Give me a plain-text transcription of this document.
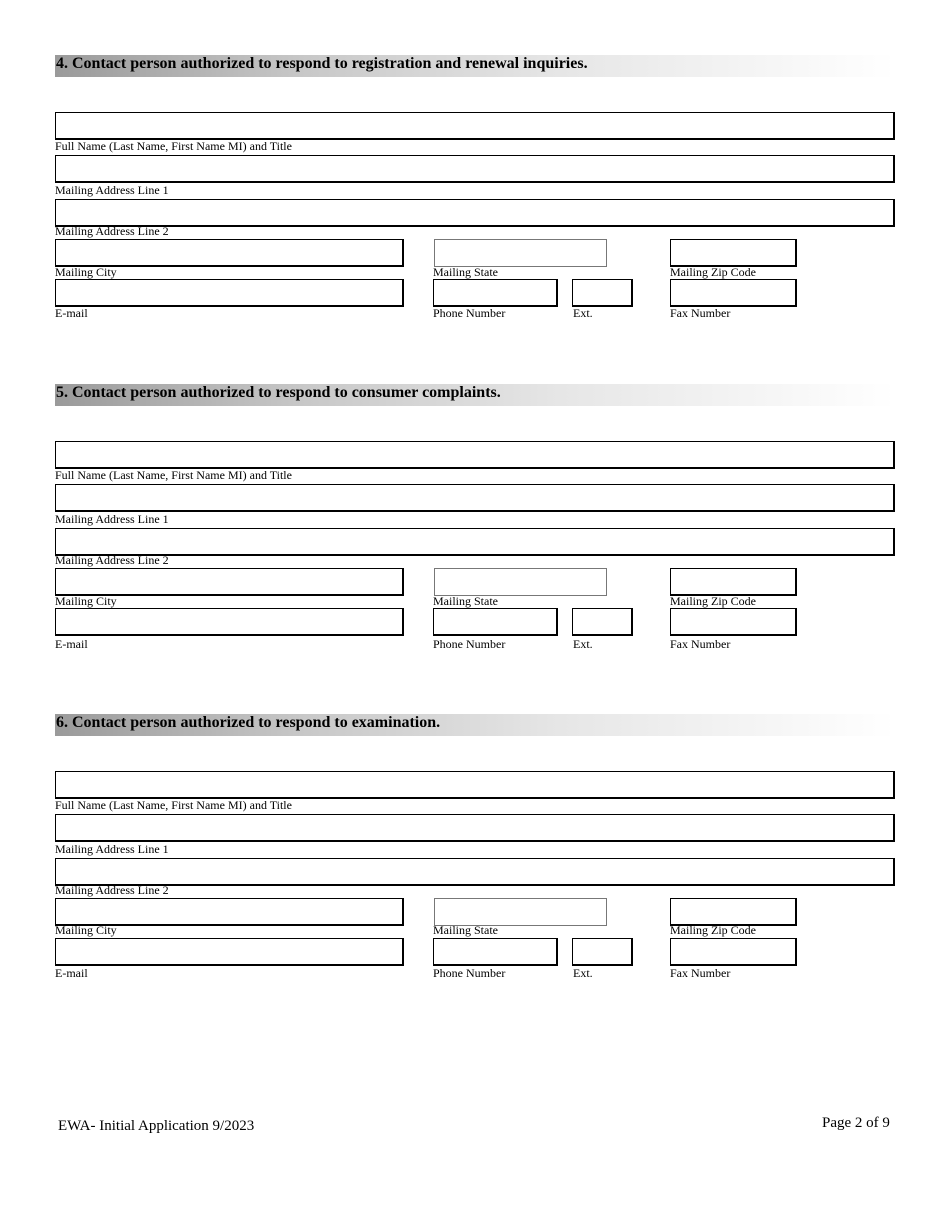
4. Contact person authorized to respond to registration and renewal inquiries.
Full Name (Last Name, First Name MI) and Title
Mailing Address Line 1
Mailing Address Line 2
Mailing City	Mailing State	Mailing Zip Code
E-mail	Phone Number	Ext.	Fax Number
5. Contact person authorized to respond to consumer complaints.
Full Name (Last Name, First Name MI) and Title
Mailing Address Line 1
Mailing Address Line 2
Mailing City	Mailing State	Mailing Zip Code
E-mail	Phone Number	Ext.	Fax Number
6. Contact person authorized to respond to examination.
Full Name (Last Name, First Name MI) and Title
Mailing Address Line 1
Mailing Address Line 2
Mailing City	Mailing State	Mailing Zip Code
E-mail	Phone Number	Ext.	Fax Number
EWA- Initial Application 9/2023	Page 2 of 9
